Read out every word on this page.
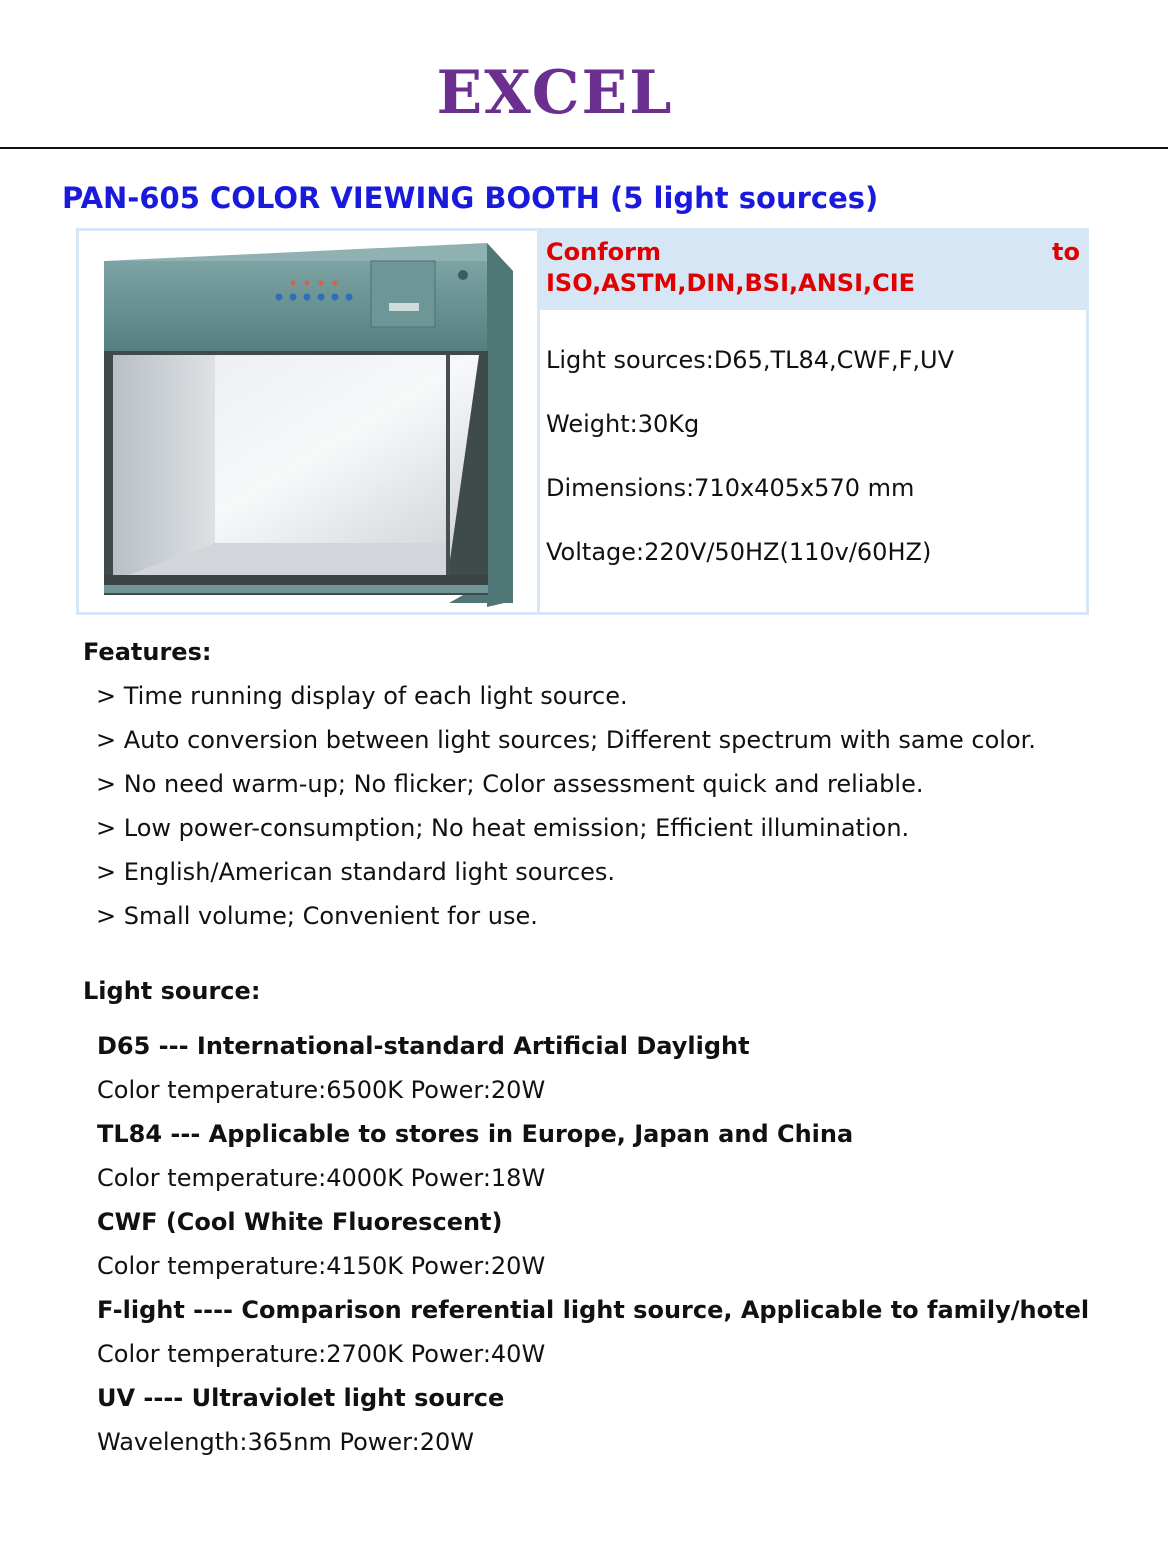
EXCEL
PAN-605 COLOR VIEWING BOOTH (5 light sources)
Conform	to
ISO,ASTM,DIN,BSI,ANSI,CIE
Light sources:D65,TL84,CWF,F,UV
Weight:30Kg
Dimensions:710x405x570 mm
Voltage:220V/50HZ(110v/60HZ)
Features:
> Time running display of each light source.
> Auto conversion between light sources; Different spectrum with same color.
> No need warm-up; No flicker; Color assessment quick and reliable.
> Low power-consumption; No heat emission; Efficient illumination.
> English/American standard light sources.
> Small volume; Convenient for use.
Light source:
D65 --- International-standard Artificial Daylight
Color temperature:6500K Power:20W
TL84 --- Applicable to stores in Europe, Japan and China
Color temperature:4000K Power:18W
CWF (Cool White Fluorescent)
Color temperature:4150K Power:20W
F-light ---- Comparison referential light source, Applicable to family/hotel
Color temperature:2700K Power:40W
UV ---- Ultraviolet light source
Wavelength:365nm Power:20W
